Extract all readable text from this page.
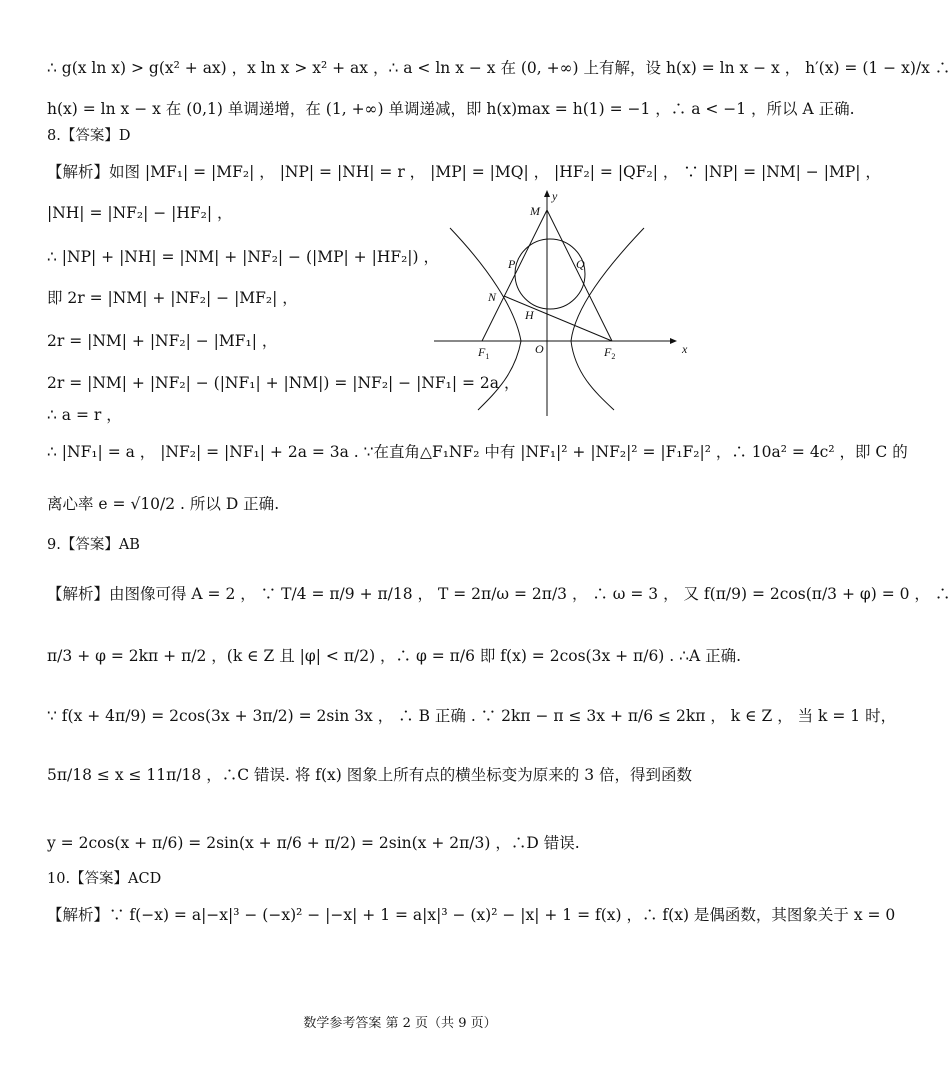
∴ g(x ln x) > g(x² + ax) ，x ln x > x² + ax ，∴ a < ln x − x 在 (0, +∞) 上有解，设 h(x) = ln x − x ， h′(x) = (1 − x)/x ∴
h(x) = ln x − x 在 (0,1) 单调递增，在 (1, +∞) 单调递减，即 h(x)max = h(1) = −1 ，∴ a < −1 ，所以 A 正确.
8.【答案】D
【解析】如图 |MF₁| = |MF₂| ， |NP| = |NH| = r ， |MP| = |MQ| ， |HF₂| = |QF₂| ， ∵ |NP| = |NM| − |MP| ，
|NH| = |NF₂| − |HF₂| ，
∴ |NP| + |NH| = |NM| + |NF₂| − (|MP| + |HF₂|) ，
即 2r = |NM| + |NF₂| − |MF₂| ，
2r = |NM| + |NF₂| − |MF₁| ，
2r = |NM| + |NF₂| − (|NF₁| + |NM|) = |NF₂| − |NF₁| = 2a ，
∴ a = r ，
∴ |NF₁| = a ， |NF₂| = |NF₁| + 2a = 3a . ∵在直角△F₁NF₂ 中有 |NF₁|² + |NF₂|² = |F₁F₂|² ，∴ 10a² = 4c² ，即 C 的
离心率 e = √10/2 . 所以 D 正确.
9.【答案】AB
【解析】由图像可得 A = 2 ， ∵ T/4 = π/9 + π/18 ， T = 2π/ω = 2π/3 ， ∴ ω = 3 ， 又 f(π/9) = 2cos(π/3 + φ) = 0 ， ∴
π/3 + φ = 2kπ + π/2 ，(k ∈ Z 且 |φ| < π/2) ，∴ φ = π/6 即 f(x) = 2cos(3x + π/6) . ∴A 正确.
∵ f(x + 4π/9) = 2cos(3x + 3π/2) = 2sin 3x ， ∴ B 正确 . ∵ 2kπ − π ≤ 3x + π/6 ≤ 2kπ ， k ∈ Z ， 当 k = 1 时，
5π/18 ≤ x ≤ 11π/18 ，∴C 错误. 将 f(x) 图象上所有点的横坐标变为原来的 3 倍，得到函数
y = 2cos(x + π/6) = 2sin(x + π/6 + π/2) = 2sin(x + 2π/3) ，∴D 错误.
10.【答案】ACD
【解析】∵ f(−x) = a|−x|³ − (−x)² − |−x| + 1 = a|x|³ − (x)² − |x| + 1 = f(x) ，∴ f(x) 是偶函数，其图象关于 x = 0
y
M
P	Q
N
H
O
$F_1$	$F_2$
x
数学参考答案 第 2 页（共 9 页）
